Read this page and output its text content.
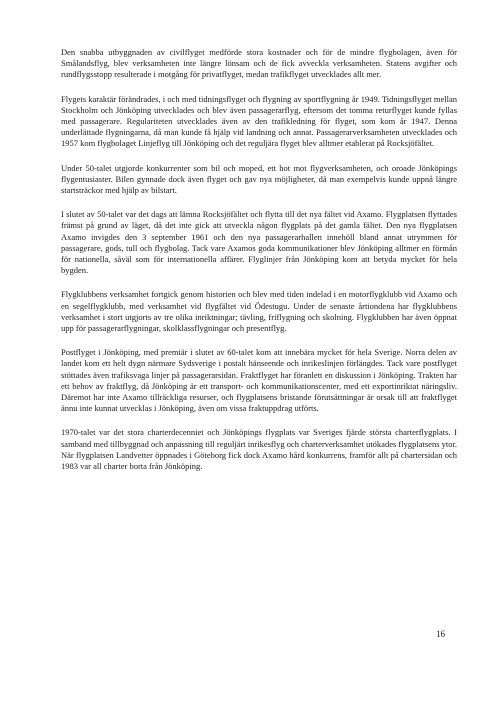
Den snabba utbyggnaden av civilflyget medförde stora kostnader och för de mindre flygbolagen, även för Smålandsflyg, blev verksamheten inte längre lönsam och de fick avveckla verksamheten. Statens avgifter och rundflygsstopp resulterade i motgång för privatflyget, medan trafikflyget utvecklades allt mer.

Flygets karaktär förändrades, i och med tidningsflyget och flygning av sportflygning år 1949. Tidningsflyget mellan Stockholm och Jönköping utvecklades och blev även passagerarflyg, eftersom det tomma returflyget kunde fyllas med passagerare. Regulariteten utvecklades även av den trafikledning för flyget, som kom år 1947. Denna underlättade flygningarna, då man kunde få hjälp vid landning och annat. Passagerarverksamheten utvecklades och 1957 kom flygbolaget Linjeflyg till Jönköping och det reguljära flyget blev alltmer etablerat på Rocksjöfältet.

Under 50-talet utgjorde konkurrenter som bil och moped, ett hot mot flygverksamheten, och oroade Jönköpings flygentusiaster. Bilen gynnade dock även flyget och gav nya möjligheter, då man exempelvis kunde uppnå längre startsträckor med hjälp av bilstart.

I slutet av 50-talet var det dags att lämna Rocksjöfältet och flytta till det nya fältet vid Axamo. Flygplatsen flyttades främst på grund av läget, då det inte gick att utveckla någon flygplats på det gamla fältet. Den nya flygplatsen Axamo invigdes den 3 september 1961 och den nya passagerarhallen innehöll bland annat utrymmen för passagerare, gods, tull och flygbolag. Tack vare Axamos goda kommunikationer blev Jönköping alltmer en förmån för nationella, såväl som för internationella affärer. Flyglinjer från Jönköping kom att betyda mycket för hela bygden.

Flygklubbens verksamhet fortgick genom historien och blev med tiden indelad i en motorflygklubb vid Axamo och en segelflygklubb, med verksamhet vid flygfältet vid Ödestugu. Under de senaste årtiondena har flygklubbens verksamhet i stort utgjorts av tre olika inriktningar; tävling, friflygning och skolning. Flygklubben har även öppnat upp för passagerarflygningar, skolklassflygningar och presentflyg.

Postflyget i Jönköping, med premiär i slutet av 60-talet kom att innebära mycket för hela Sverige. Norra delen av landet kom ett helt dygn närmare Sydsverige i postalt hänseende och inrikeslinjen förlängdes. Tack vare postflyget stöttades även trafiksvaga linjer på passagerarsidan. Fraktflyget har föranlett en diskussion i Jönköping. Trakten har ett behov av fraktflyg, då Jönköping är ett transport- och kommunikationscenter, med ett exportinriktat näringsliv. Däremot har inte Axamo tillräckliga resurser, och flygplatsens bristande förutsättningar är orsak till att fraktflyget ännu inte kunnat utvecklas i Jönköping, även om vissa fraktuppdrag utförts.

1970-talet var det stora charterdecenniet och Jönköpings flygplats var Sveriges fjärde största charterflygplats. I samband med tillbyggnad och anpassning till reguljärt inrikesflyg och charterverksamhet utökades flygplatsens ytor. När flygplatsen Landvetter öppnades i Göteborg fick dock Axamo hård konkurrens, framför allt på chartersidan och 1983 var all charter borta från Jönköping.

16
